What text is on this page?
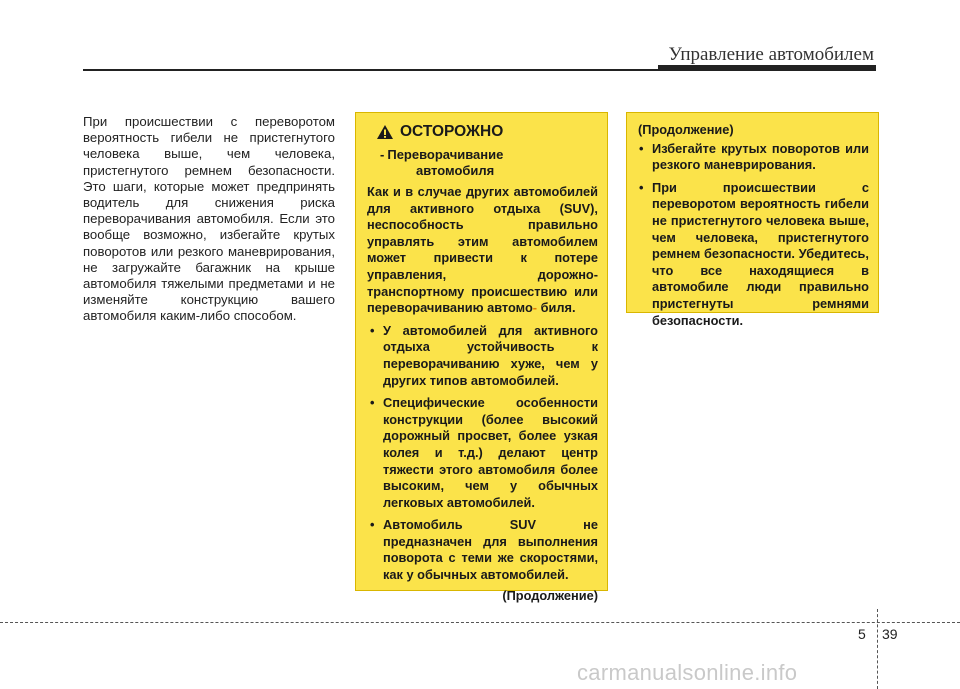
Управление автомобилем
При происшествии с переворотом вероятность гибели не пристегнутого человека выше, чем человека, пристегнутого ремнем безопасности. Это шаги, которые может предпринять водитель для снижения риска переворачивания автомобиля. Если это вообще возможно, избегайте крутых поворотов или резкого маневрирования, не загружайте багажник на крыше автомобиля тяжелыми предметами и не изменяйте конструкцию вашего автомобиля каким-либо способом.
ОСТОРОЖНО
- Переворачивание
автомобиля
Как и в случае других автомобилей для активного отдыха (SUV), неспособность правильно управлять этим автомобилем может привести к потере управления, дорожно-транспортному происшествию или переворачиванию автомо- биля.
• У автомобилей для активного отдыха устойчивость к переворачиванию хуже, чем у других типов автомобилей.
• Специфические особенности конструкции (более высокий дорожный просвет, более узкая колея и т.д.) делают центр тяжести этого автомобиля более высоким, чем у обычных легковых автомобилей.
• Автомобиль SUV не предназначен для выполнения поворота с теми же скоростями, как у обычных автомобилей.
(Продолжение)
(Продолжение)
• Избегайте крутых поворотов или резкого маневрирования.
• При происшествии с переворотом вероятность гибели не пристегнутого человека выше, чем человека, пристегнутого ремнем безопасности. Убедитесь, что все находящиеся в автомобиле люди правильно пристегнуты ремнями безопасности.
5 39
carmanualsonline.info
